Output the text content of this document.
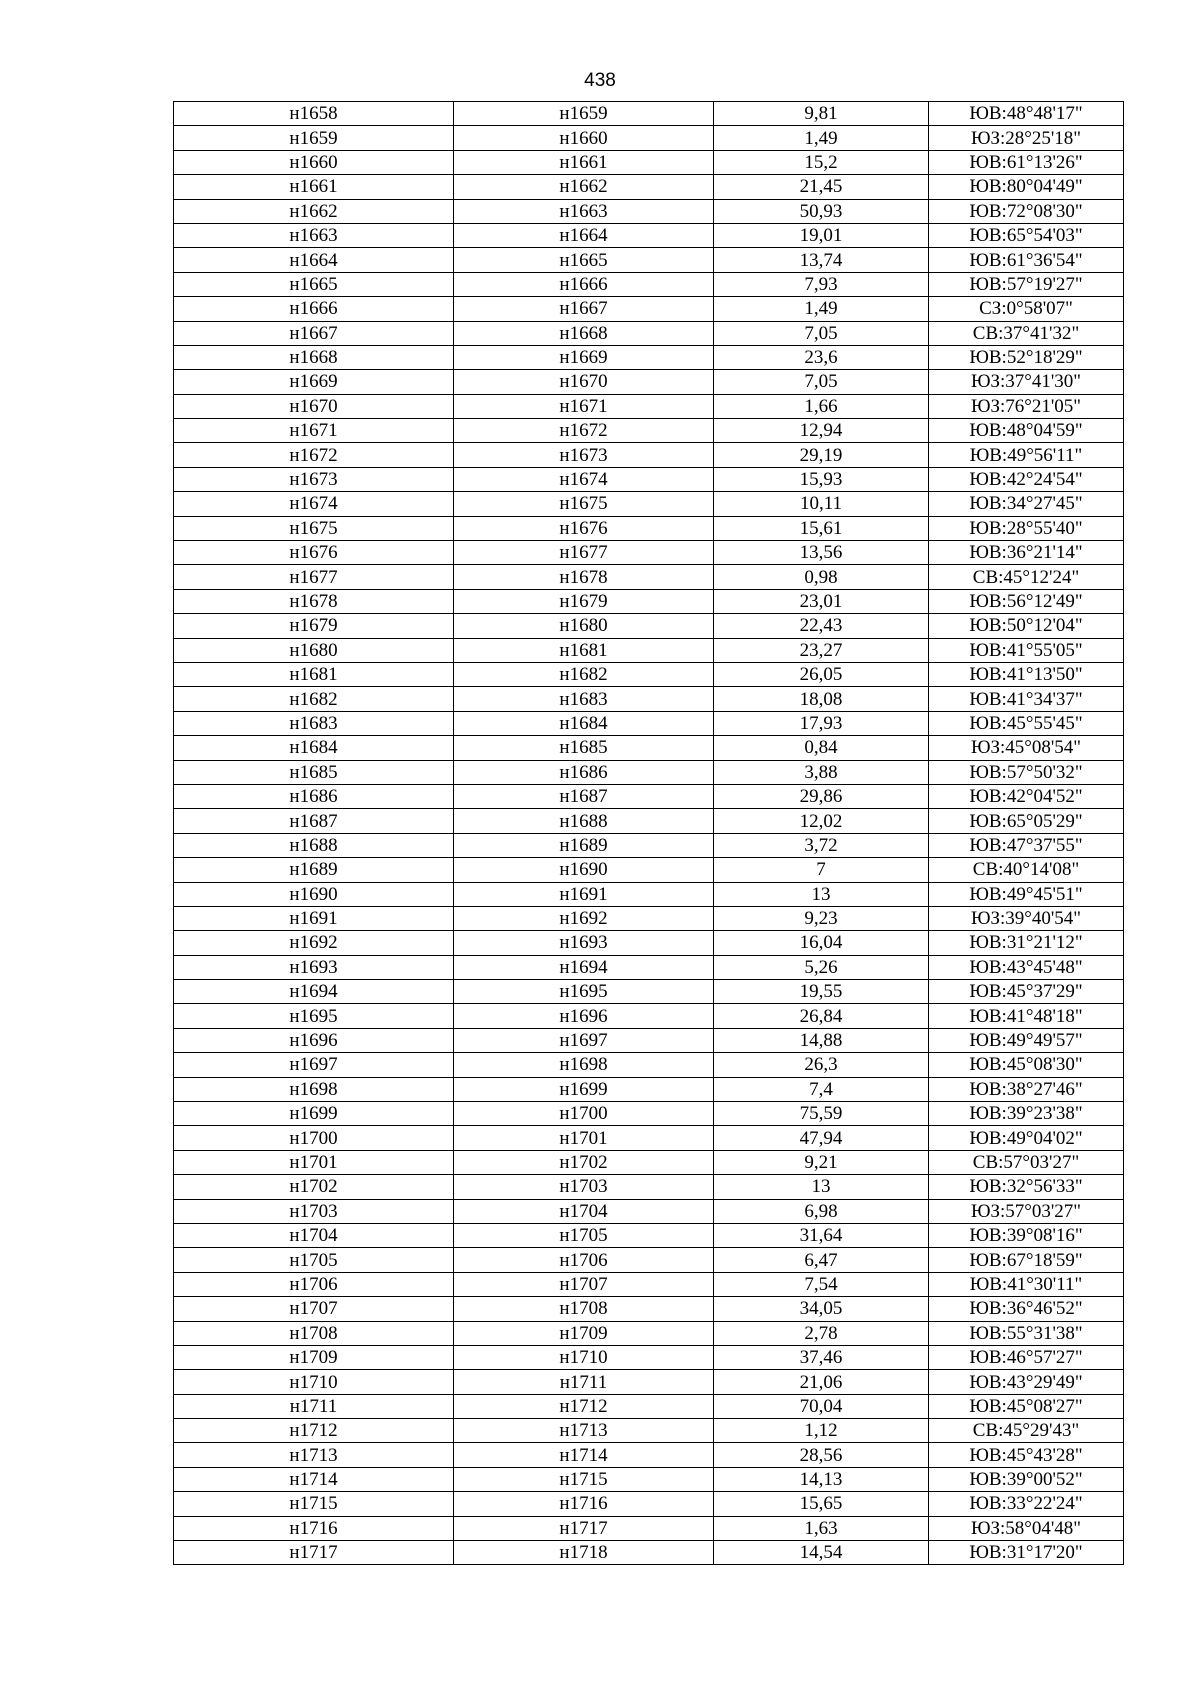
438
н1658	н1659	9,81	ЮВ:48°48'17"
н1659	н1660	1,49	ЮЗ:28°25'18"
н1660	н1661	15,2	ЮВ:61°13'26"
н1661	н1662	21,45	ЮВ:80°04'49"
н1662	н1663	50,93	ЮВ:72°08'30"
н1663	н1664	19,01	ЮВ:65°54'03"
н1664	н1665	13,74	ЮВ:61°36'54"
н1665	н1666	7,93	ЮВ:57°19'27"
н1666	н1667	1,49	СЗ:0°58'07"
н1667	н1668	7,05	СВ:37°41'32"
н1668	н1669	23,6	ЮВ:52°18'29"
н1669	н1670	7,05	ЮЗ:37°41'30"
н1670	н1671	1,66	ЮЗ:76°21'05"
н1671	н1672	12,94	ЮВ:48°04'59"
н1672	н1673	29,19	ЮВ:49°56'11"
н1673	н1674	15,93	ЮВ:42°24'54"
н1674	н1675	10,11	ЮВ:34°27'45"
н1675	н1676	15,61	ЮВ:28°55'40"
н1676	н1677	13,56	ЮВ:36°21'14"
н1677	н1678	0,98	СВ:45°12'24"
н1678	н1679	23,01	ЮВ:56°12'49"
н1679	н1680	22,43	ЮВ:50°12'04"
н1680	н1681	23,27	ЮВ:41°55'05"
н1681	н1682	26,05	ЮВ:41°13'50"
н1682	н1683	18,08	ЮВ:41°34'37"
н1683	н1684	17,93	ЮВ:45°55'45"
н1684	н1685	0,84	ЮЗ:45°08'54"
н1685	н1686	3,88	ЮВ:57°50'32"
н1686	н1687	29,86	ЮВ:42°04'52"
н1687	н1688	12,02	ЮВ:65°05'29"
н1688	н1689	3,72	ЮВ:47°37'55"
н1689	н1690	7	СВ:40°14'08"
н1690	н1691	13	ЮВ:49°45'51"
н1691	н1692	9,23	ЮЗ:39°40'54"
н1692	н1693	16,04	ЮВ:31°21'12"
н1693	н1694	5,26	ЮВ:43°45'48"
н1694	н1695	19,55	ЮВ:45°37'29"
н1695	н1696	26,84	ЮВ:41°48'18"
н1696	н1697	14,88	ЮВ:49°49'57"
н1697	н1698	26,3	ЮВ:45°08'30"
н1698	н1699	7,4	ЮВ:38°27'46"
н1699	н1700	75,59	ЮВ:39°23'38"
н1700	н1701	47,94	ЮВ:49°04'02"
н1701	н1702	9,21	СВ:57°03'27"
н1702	н1703	13	ЮВ:32°56'33"
н1703	н1704	6,98	ЮЗ:57°03'27"
н1704	н1705	31,64	ЮВ:39°08'16"
н1705	н1706	6,47	ЮВ:67°18'59"
н1706	н1707	7,54	ЮВ:41°30'11"
н1707	н1708	34,05	ЮВ:36°46'52"
н1708	н1709	2,78	ЮВ:55°31'38"
н1709	н1710	37,46	ЮВ:46°57'27"
н1710	н1711	21,06	ЮВ:43°29'49"
н1711	н1712	70,04	ЮВ:45°08'27"
н1712	н1713	1,12	СВ:45°29'43"
н1713	н1714	28,56	ЮВ:45°43'28"
н1714	н1715	14,13	ЮВ:39°00'52"
н1715	н1716	15,65	ЮВ:33°22'24"
н1716	н1717	1,63	ЮЗ:58°04'48"
н1717	н1718	14,54	ЮВ:31°17'20"
